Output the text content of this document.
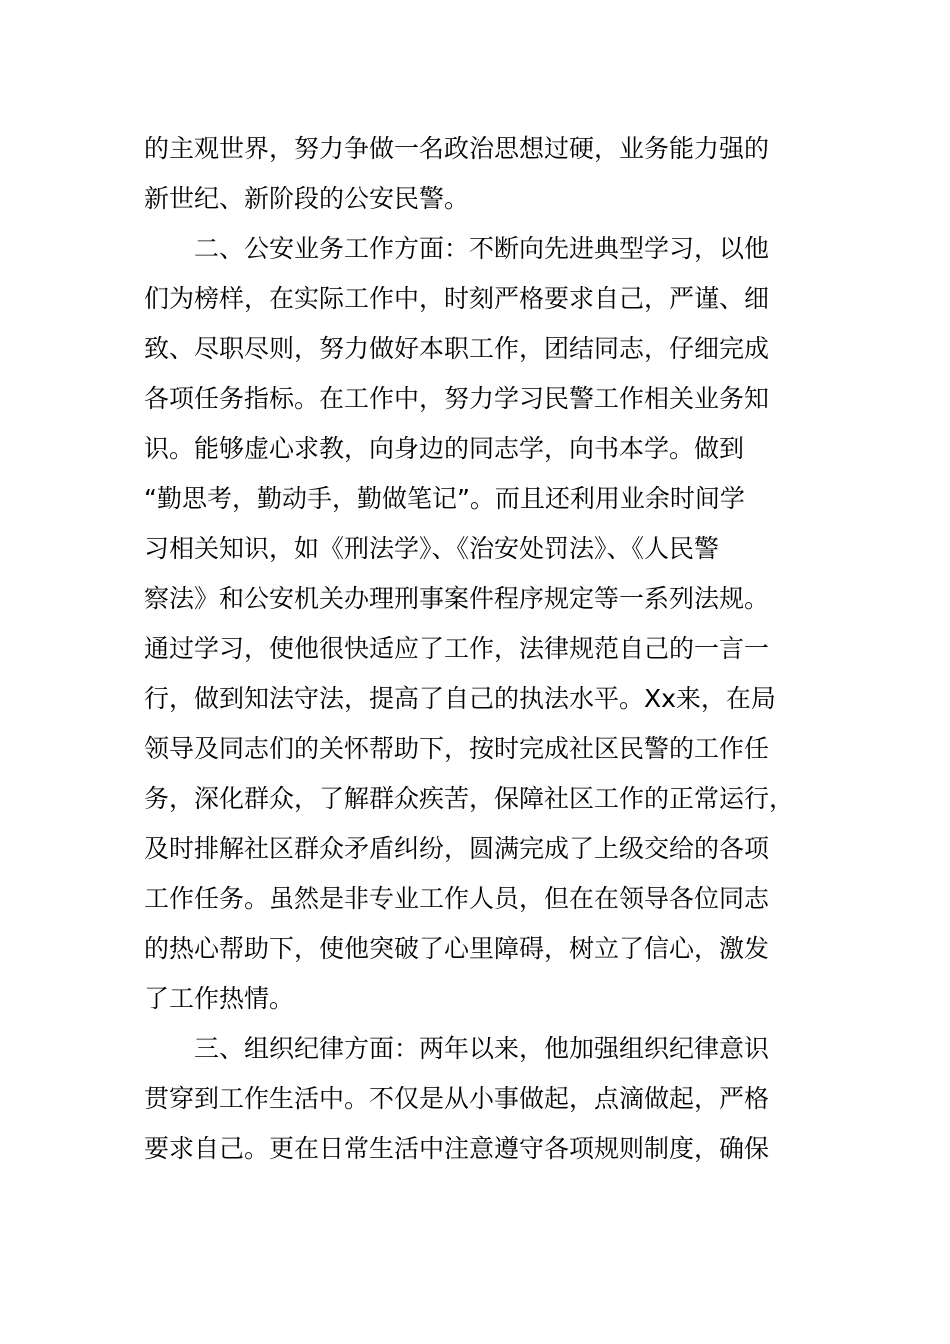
的主观世界，努力争做一名政治思想过硬，业务能力强的
新世纪、新阶段的公安民警。
二、公安业务工作方面：不断向先进典型学习，以他
们为榜样，在实际工作中，时刻严格要求自己，严谨、细
致、尽职尽则，努力做好本职工作，团结同志，仔细完成
各项任务指标。在工作中，努力学习民警工作相关业务知
识。能够虚心求教，向身边的同志学，向书本学。做到
“勤思考，勤动手，勤做笔记”。而且还利用业余时间学
习相关知识，如《刑法学》、《治安处罚法》、《人民警
察法》和公安机关办理刑事案件程序规定等一系列法规。
通过学习，使他很快适应了工作，法律规范自己的一言一
行，做到知法守法，提高了自己的执法水平。Xx来，在局
领导及同志们的关怀帮助下，按时完成社区民警的工作任
务，深化群众，了解群众疾苦，保障社区工作的正常运行，
及时排解社区群众矛盾纠纷，圆满完成了上级交给的各项
工作任务。虽然是非专业工作人员，但在在领导各位同志
的热心帮助下，使他突破了心里障碍，树立了信心，激发
了工作热情。
三、组织纪律方面：两年以来，他加强组织纪律意识
贯穿到工作生活中。不仅是从小事做起，点滴做起，严格
要求自己。更在日常生活中注意遵守各项规则制度，确保
